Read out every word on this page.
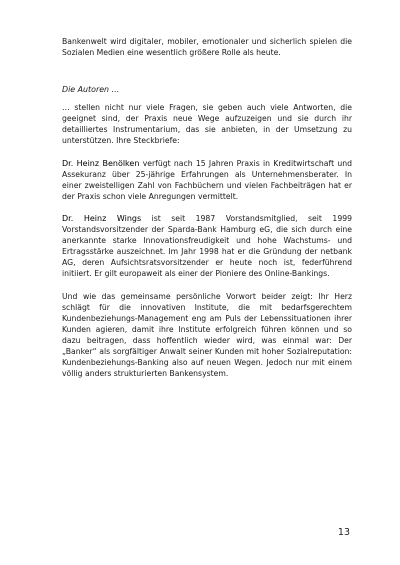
Bankenwelt wird digitaler, mobiler, emotionaler und sicherlich spielen die Sozialen Medien eine wesentlich größere Rolle als heute.

Die Autoren …

… stellen nicht nur viele Fragen, sie geben auch viele Antworten, die geeignet sind, der Praxis neue Wege aufzuzeigen und sie durch ihr detailliertes Instrumentarium, das sie anbieten, in der Umsetzung zu unterstützen. Ihre Steckbriefe:

Dr. Heinz Benölken verfügt nach 15 Jahren Praxis in Kreditwirtschaft und Assekuranz über 25-jährige Erfahrungen als Unternehmensberater. In einer zweistelligen Zahl von Fachbüchern und vielen Fachbeiträgen hat er der Praxis schon viele Anregungen vermittelt.

Dr. Heinz Wings ist seit 1987 Vorstandsmitglied, seit 1999 Vorstandsvorsitzender der Sparda-Bank Hamburg eG, die sich durch eine anerkannte starke Innovationsfreudigkeit und hohe Wachstums- und Ertragsstärke auszeichnet. Im Jahr 1998 hat er die Gründung der netbank AG, deren Aufsichtsratsvorsitzender er heute noch ist, federführend initiiert. Er gilt europaweit als einer der Pioniere des Online-Bankings.

Und wie das gemeinsame persönliche Vorwort beider zeigt: Ihr Herz schlägt für die innovativen Institute, die mit bedarfsgerechtem Kundenbeziehungs-Management eng am Puls der Lebenssituationen ihrer Kunden agieren, damit ihre Institute erfolgreich führen können und so dazu beitragen, dass hoffentlich wieder wird, was einmal war: Der „Banker“ als sorgfältiger Anwalt seiner Kunden mit hoher Sozialreputation: Kundenbeziehungs-Banking also auf neuen Wegen. Jedoch nur mit einem völlig anders strukturierten Bankensystem.

13
